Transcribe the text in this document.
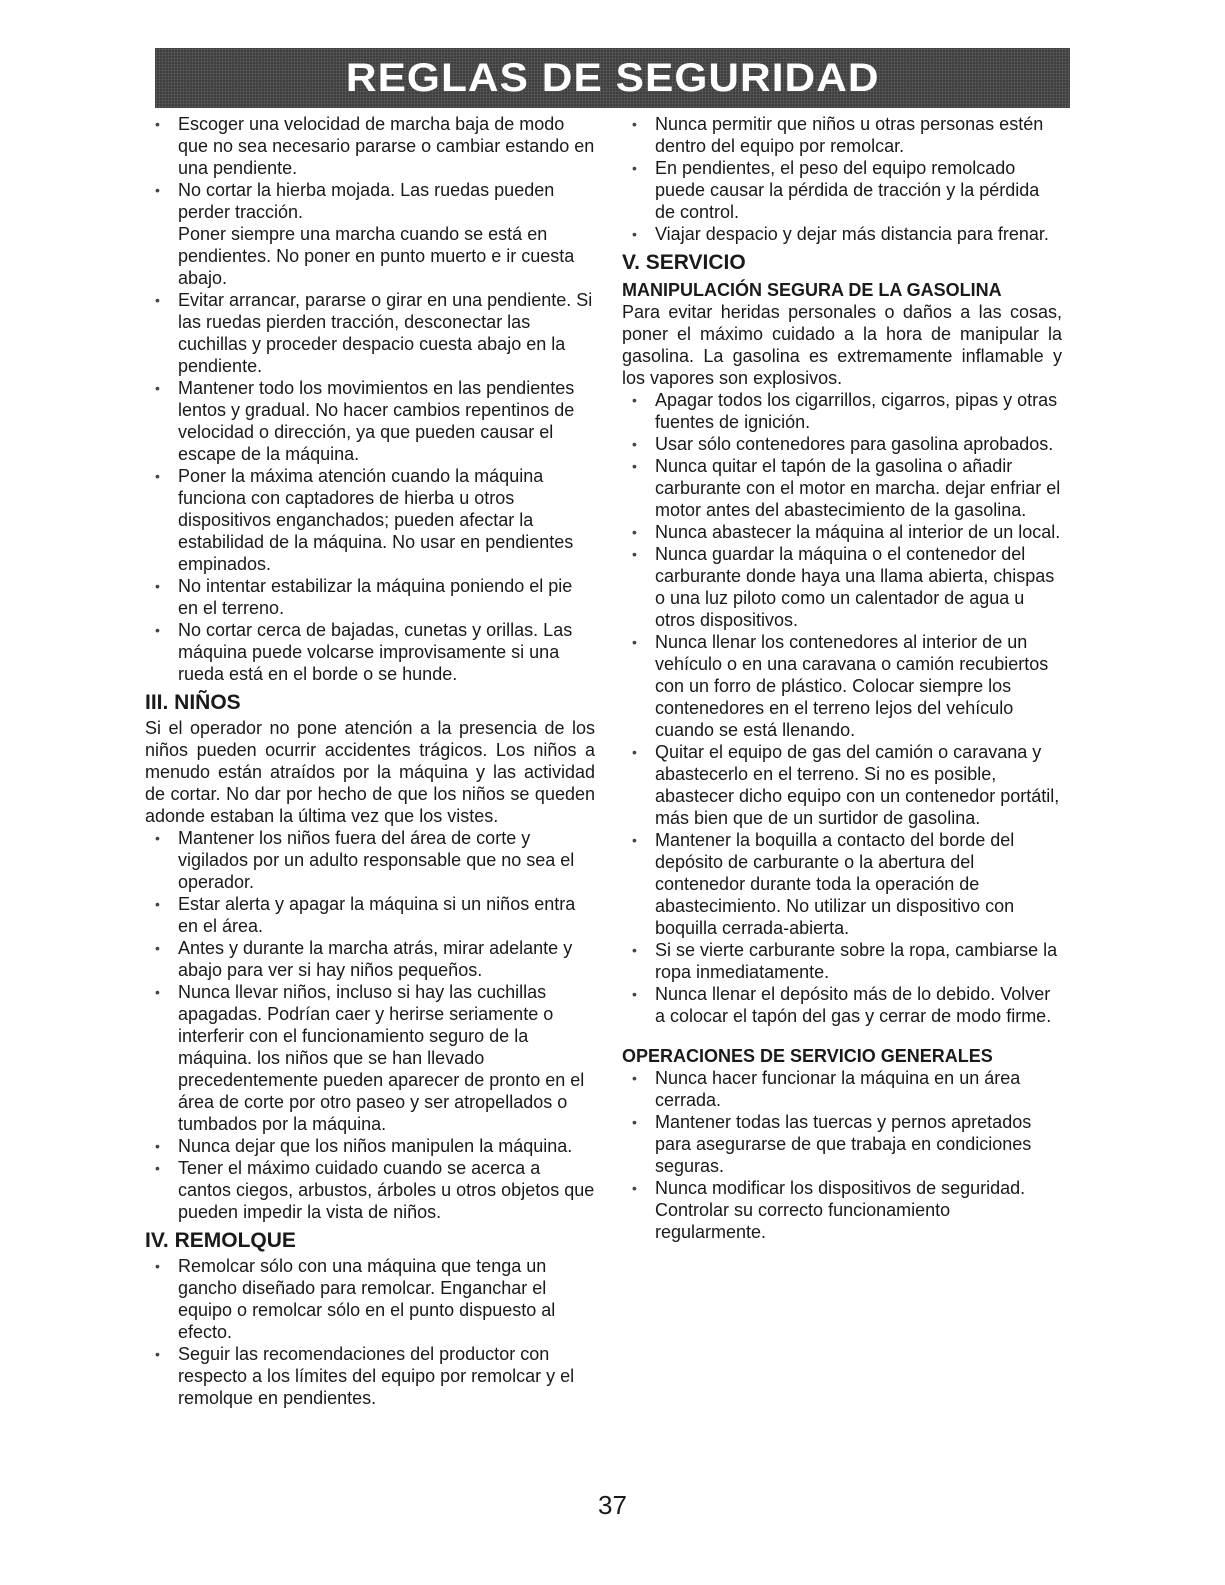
REGLAS DE SEGURIDAD
• Escoger una velocidad de marcha baja de modo que no sea necesario pararse o cambiar estando en una pendiente.
• No cortar la hierba mojada. Las ruedas pueden perder tracción.

Poner siempre una marcha cuando se está en pendientes. No poner en punto muerto e ir cuesta abajo.

• Evitar arrancar, pararse o girar en una pendiente. Si las ruedas pierden tracción, desconectar las cuchillas y proceder despacio cuesta abajo en la pendiente.
• Mantener todo los movimientos en las pendientes lentos y gradual. No hacer cambios repentinos de velocidad o dirección, ya que pueden causar el escape de la máquina.
• Poner la máxima atención cuando la máquina funciona con captadores de hierba u otros dispositivos enganchados; pueden afectar la estabilidad de la máquina. No usar en pendientes empinados.
• No intentar estabilizar la máquina poniendo el pie en el terreno.
• No cortar cerca de bajadas, cunetas y orillas. Las máquina puede volcarse improvisamente si una rueda está en el borde o se hunde.
III. NIÑOS

Si el operador no pone atención a la presencia de los niños pueden ocurrir accidentes trágicos. Los niños a menudo están atraídos por la máquina y las actividad de cortar. No dar por hecho de que los niños se queden adonde estaban la última vez que los vistes.

• Mantener los niños fuera del área de corte y vigilados por un adulto responsable que no sea el operador.
• Estar alerta y apagar la máquina si un niños entra en el área.
• Antes y durante la marcha atrás, mirar adelante y abajo para ver si hay niños pequeños.
• Nunca llevar niños, incluso si hay las cuchillas apagadas. Podrían caer y herirse seriamente o interferir con el funcionamiento seguro de la máquina. los niños que se han llevado precedentemente pueden aparecer de pronto en el área de corte por otro paseo y ser atropellados o tumbados por la máquina.
• Nunca dejar que los niños manipulen la máquina.
• Tener el máximo cuidado cuando se acerca a cantos ciegos, arbustos, árboles u otros objetos que pueden impedir la vista de niños.
IV. REMOLQUE
• Remolcar sólo con una máquina que tenga un gancho diseñado para remolcar. Enganchar el equipo o remolcar sólo en el punto dispuesto al efecto.
• Seguir las recomendaciones del productor con respecto a los límites del equipo por remolcar y el remolque en pendientes.
• Nunca permitir que niños u otras personas estén dentro del equipo por remolcar.
• En pendientes, el peso del equipo remolcado puede causar la pérdida de tracción y la pérdida de control.
• Viajar despacio y dejar más distancia para frenar.
V. SERVICIO
MANIPULACIÓN SEGURA DE LA GASOLINA

Para evitar heridas personales o daños a las cosas, poner el máximo cuidado a la hora de manipular la gasolina. La gasolina es extremamente inflamable y los vapores son explosivos.

• Apagar todos los cigarrillos, cigarros, pipas y otras fuentes de ignición.
• Usar sólo contenedores para gasolina aprobados.
• Nunca quitar el tapón de la gasolina o añadir carburante con el motor en marcha. dejar enfriar el motor antes del abastecimiento de la gasolina.
• Nunca abastecer la máquina al interior de un local.
• Nunca guardar la máquina o el contenedor del carburante donde haya una llama abierta, chispas o una luz piloto como un calentador de agua u otros dispositivos.
• Nunca llenar los contenedores al interior de un vehículo o en una caravana o camión recubiertos con un forro de plástico. Colocar siempre los contenedores en el terreno lejos del vehículo cuando se está llenando.
• Quitar el equipo de gas del camión o caravana y abastecerlo en el terreno. Si no es posible, abastecer dicho equipo con un contenedor portátil, más bien que de un surtidor de gasolina.
• Mantener la boquilla a contacto del borde del depósito de carburante o la abertura del contenedor durante toda la operación de abastecimiento. No utilizar un dispositivo con boquilla cerrada-abierta.
• Si se vierte carburante sobre la ropa, cambiarse la ropa inmediatamente.
• Nunca llenar el depósito más de lo debido. Volver a colocar el tapón del gas y cerrar de modo firme.
OPERACIONES DE SERVICIO GENERALES
• Nunca hacer funcionar la máquina en un área cerrada.
• Mantener todas las tuercas y pernos apretados para asegurarse de que trabaja en condiciones seguras.
• Nunca modificar los dispositivos de seguridad. Controlar su correcto funcionamiento regularmente.
37
